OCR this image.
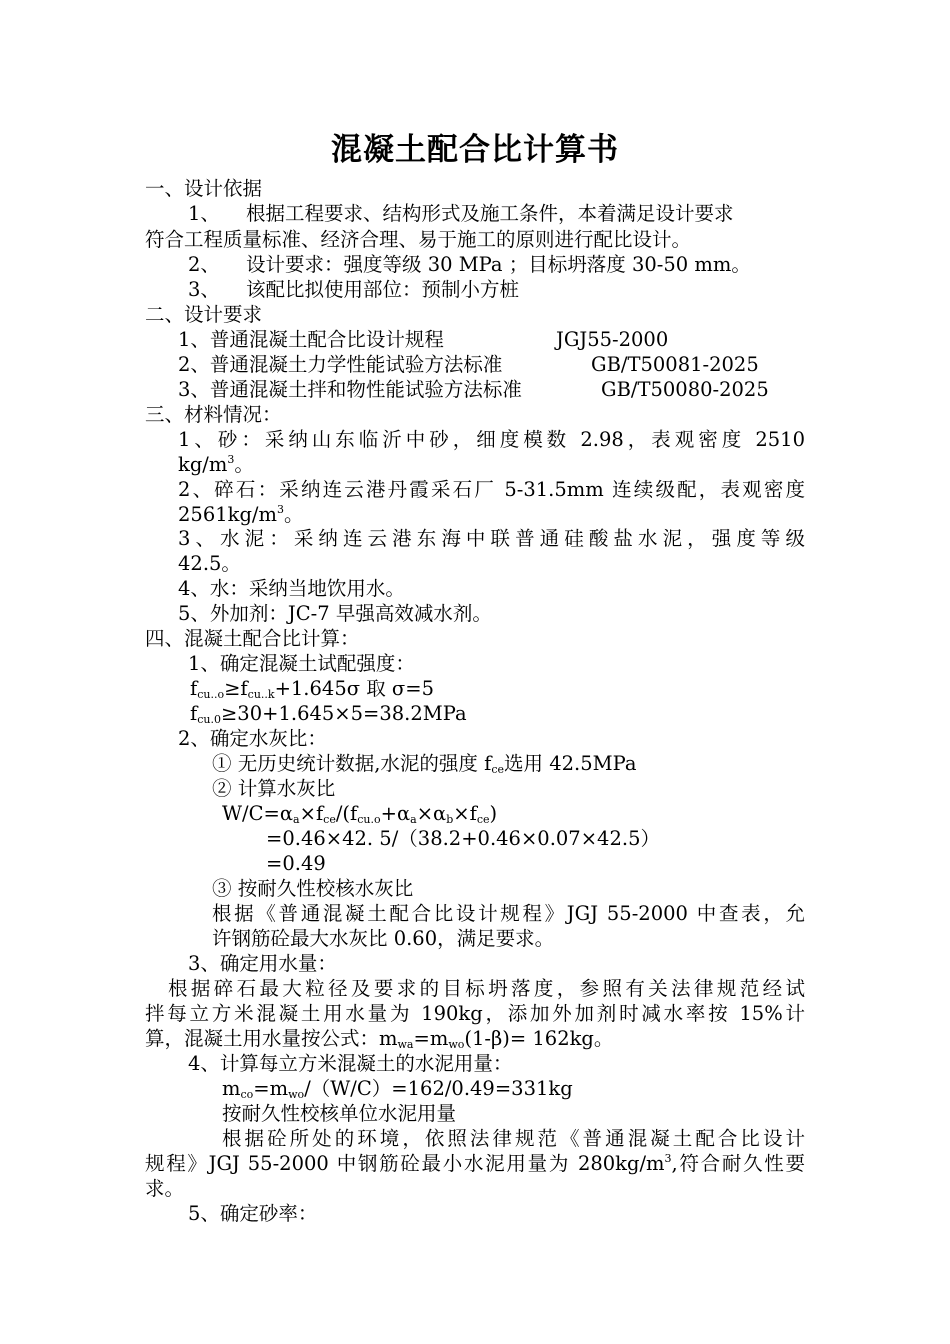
混凝土配合比计算书
一、设计依据
1、 根据工程要求、结构形式及施工条件，本着满足设计要求
符合工程质量标准、经济合理、易于施工的原则进行配比设计。
2、 设计要求：强度等级 30 MPa ；目标坍落度 30-50 mm。
3、 该配比拟使用部位：预制小方桩
二、设计要求
1、普通混凝土配合比设计规程	JGJ55-2000
2、普通混凝土力学性能试验方法标准	GB/T50081-2025
3、普通混凝土拌和物性能试验方法标准	GB/T50080-2025
三、材料情况：
1、砂：采纳山东临沂中砂，细度模数 2.98，表观密度 2510
$kg/m^3$。
2、碎石：采纳连云港丹霞采石厂 5-31.5mm 连续级配，表观密度
$2561kg/m^3$。
3、水泥：采纳连云港东海中联普通硅酸盐水泥，强度等级
42.5。
4、水：采纳当地饮用水。
5、外加剂：JC-7 早强高效减水剂。
四、混凝土配合比计算：
1、确定混凝土试配强度：
$f_{cu..o}\ge f_{cu..k}+1.645\sigma$ 取 σ=5
$f_{cu.0}\ge 30+1.645\times 5=38.2MPa$
2、确定水灰比：
① 无历史统计数据,水泥的强度 $f_{ce}$选用 42.5MPa
② 计算水灰比
$W/C=\alpha_a\times f_{ce}/(f_{cu.o}+\alpha_a\times\alpha_b\times f_{ce})$
=0.46×42. 5/（38.2+0.46×0.07×42.5）
=0.49
③ 按耐久性校核水灰比
根据《普通混凝土配合比设计规程》JGJ 55-2000 中查表，允
许钢筋砼最大水灰比 0.60，满足要求。
3、确定用水量：
根据碎石最大粒径及要求的目标坍落度，参照有关法律规范经试
拌每立方米混凝土用水量为 190kg，添加外加剂时减水率按 15%计
算，混凝土用水量按公式：$m_{wa}=m_{wo}(1-\beta)= 162kg$。
4、计算每立方米混凝土的水泥用量：
$m_{co}=m_{wo}/(W/C)=162/0.49=331kg$
按耐久性校核单位水泥用量
根据砼所处的环境，依照法律规范《普通混凝土配合比设计
规程》JGJ 55-2000 中钢筋砼最小水泥用量为 $280kg/m^3$,符合耐久性要
求。
5、确定砂率：
